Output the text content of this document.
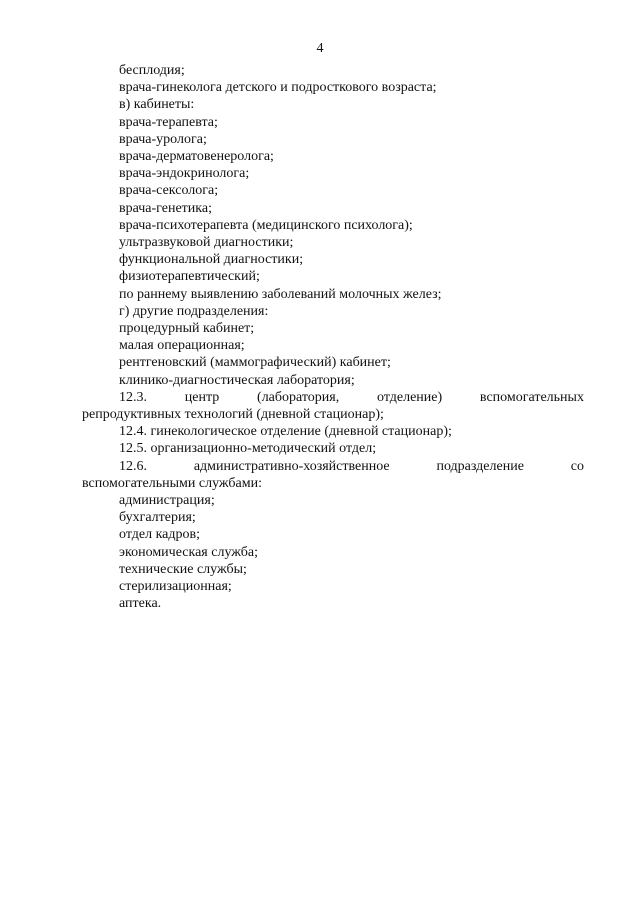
4
бесплодия;
врача-гинеколога детского и подросткового возраста;
в) кабинеты:
врача-терапевта;
врача-уролога;
врача-дерматовенеролога;
врача-эндокринолога;
врача-сексолога;
врача-генетика;
врача-психотерапевта (медицинского психолога);
ультразвуковой диагностики;
функциональной диагностики;
физиотерапевтический;
по раннему выявлению заболеваний молочных желез;
г) другие подразделения:
процедурный кабинет;
малая операционная;
рентгеновский (маммографический) кабинет;
клинико-диагностическая лаборатория;
12.3.	центр	(лаборатория,	отделение)	вспомогательных
репродуктивных технологий (дневной стационар);
12.4. гинекологическое отделение (дневной стационар);
12.5. организационно-методический отдел;
12.6.	административно-хозяйственное	подразделение	со
вспомогательными службами:
администрация;
бухгалтерия;
отдел кадров;
экономическая служба;
технические службы;
стерилизационная;
аптека.
